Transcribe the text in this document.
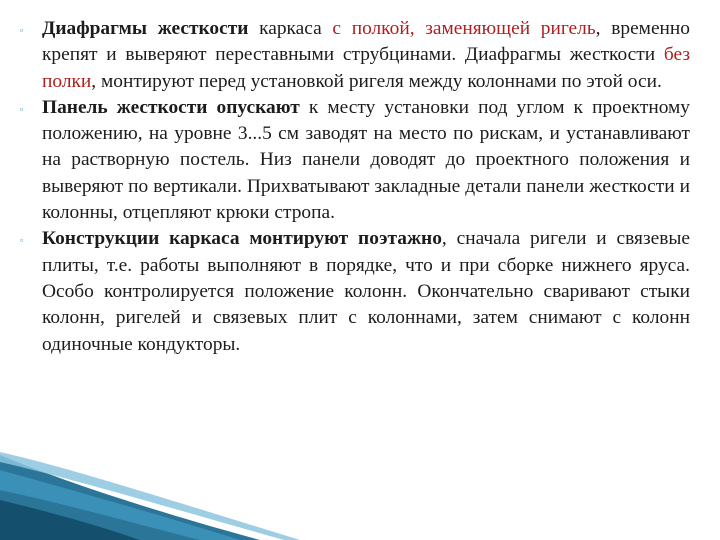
▫ Диафрагмы жесткости каркаса с полкой, заменяющей ригель, временно крепят и выверяют переставными струбцинами. Диафрагмы жесткости без полки, монтируют перед установкой ригеля между колоннами по этой оси.
▫ Панель жесткости опускают к месту установки под углом к проектному положению, на уровне 3...5 см заводят на место по рискам, и устанавливают на растворную постель. Низ панели доводят до проектного положения и выверяют по вертикали. Прихватывают закладные детали панели жесткости и колонны, отцепляют крюки стропа.
▫ Конструкции каркаса монтируют поэтажно, сначала ригели и связевые плиты, т.е. работы выполняют в порядке, что и при сборке нижнего яруса. Особо контролируется положение колонн. Окончательно сваривают стыки колонн, ригелей и связевых плит с колоннами, затем снимают с колонн одиночные кондукторы.
